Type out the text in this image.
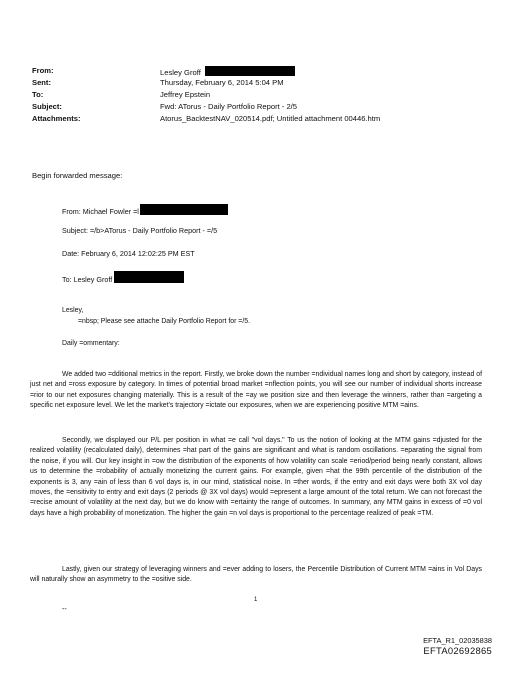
From:	Lesley Groff
Sent:	Thursday, February 6, 2014 5:04 PM
To:	Jeffrey Epstein
Subject:	Fwd: ATorus - Daily Portfolio Report - 2/5
Attachments:	Atorus_BacktestNAV_020514.pdf; Untitled attachment 00446.htm
Begin forwarded message:
From: Michael Fowler =l
Subject: =/b>ATorus - Daily Portfolio Report - =/5
Date: February 6, 2014 12:02:25 PM EST
To: Lesley Groff
Lesley,
=nbsp; Please see attache Daily Portfolio Report for =/5.
Daily =ommentary:

We added two =dditional metrics in the report. Firstly, we broke down the number =ndividual names long and short by category, instead of just net and =ross exposure by category. In times of potential broad market =nflection points, you will see our number of individual shorts increase =rior to our net exposures changing materially. This is a result of the =ay we position size and then leverage the winners, rather than =argeting a specific net exposure level. We let the market's trajectory =ictate our exposures, when we are experiencing positive MTM =ains.

Secondly, we displayed our P/L per position in what =e call "vol days." To us the notion of looking at the MTM gains =djusted for the realized volatility (recalculated daily), determines =hat part of the gains are significant and what is random oscillations. =eparating the signal from the noise, if you will. Our key insight in =ow the distribution of the exponents of how volatility can scale =eriod/period being nearly constant, allows us to determine the =robability of actually monetizing the current gains. For example, given =hat the 99th percentile of the distribution of the exponents is 3, any =ain of less than 6 vol days is, in our mind, statistical noise. In =ther words, if the entry and exit days were both 3X vol day moves, the =ensitivity to entry and exit days (2 periods @ 3X vol days) would =epresent a large amount of the total return. We can not forecast the =recise amount of volatility at the next day, but we do know with =ertainty the range of outcomes. In summary, any MTM gains in excess of =0 vol days have a high probability of monetization. The higher the gain =n vol days is proportional to the percentage realized of peak =TM.

Lastly, given our strategy of leveraging winners and =ever adding to losers, the Percentile Distribution of Current MTM =ains in Vol Days will naturally show an asymmetry to the =ositive side.

1
--
EFTA_R1_02035838
EFTA02692865
